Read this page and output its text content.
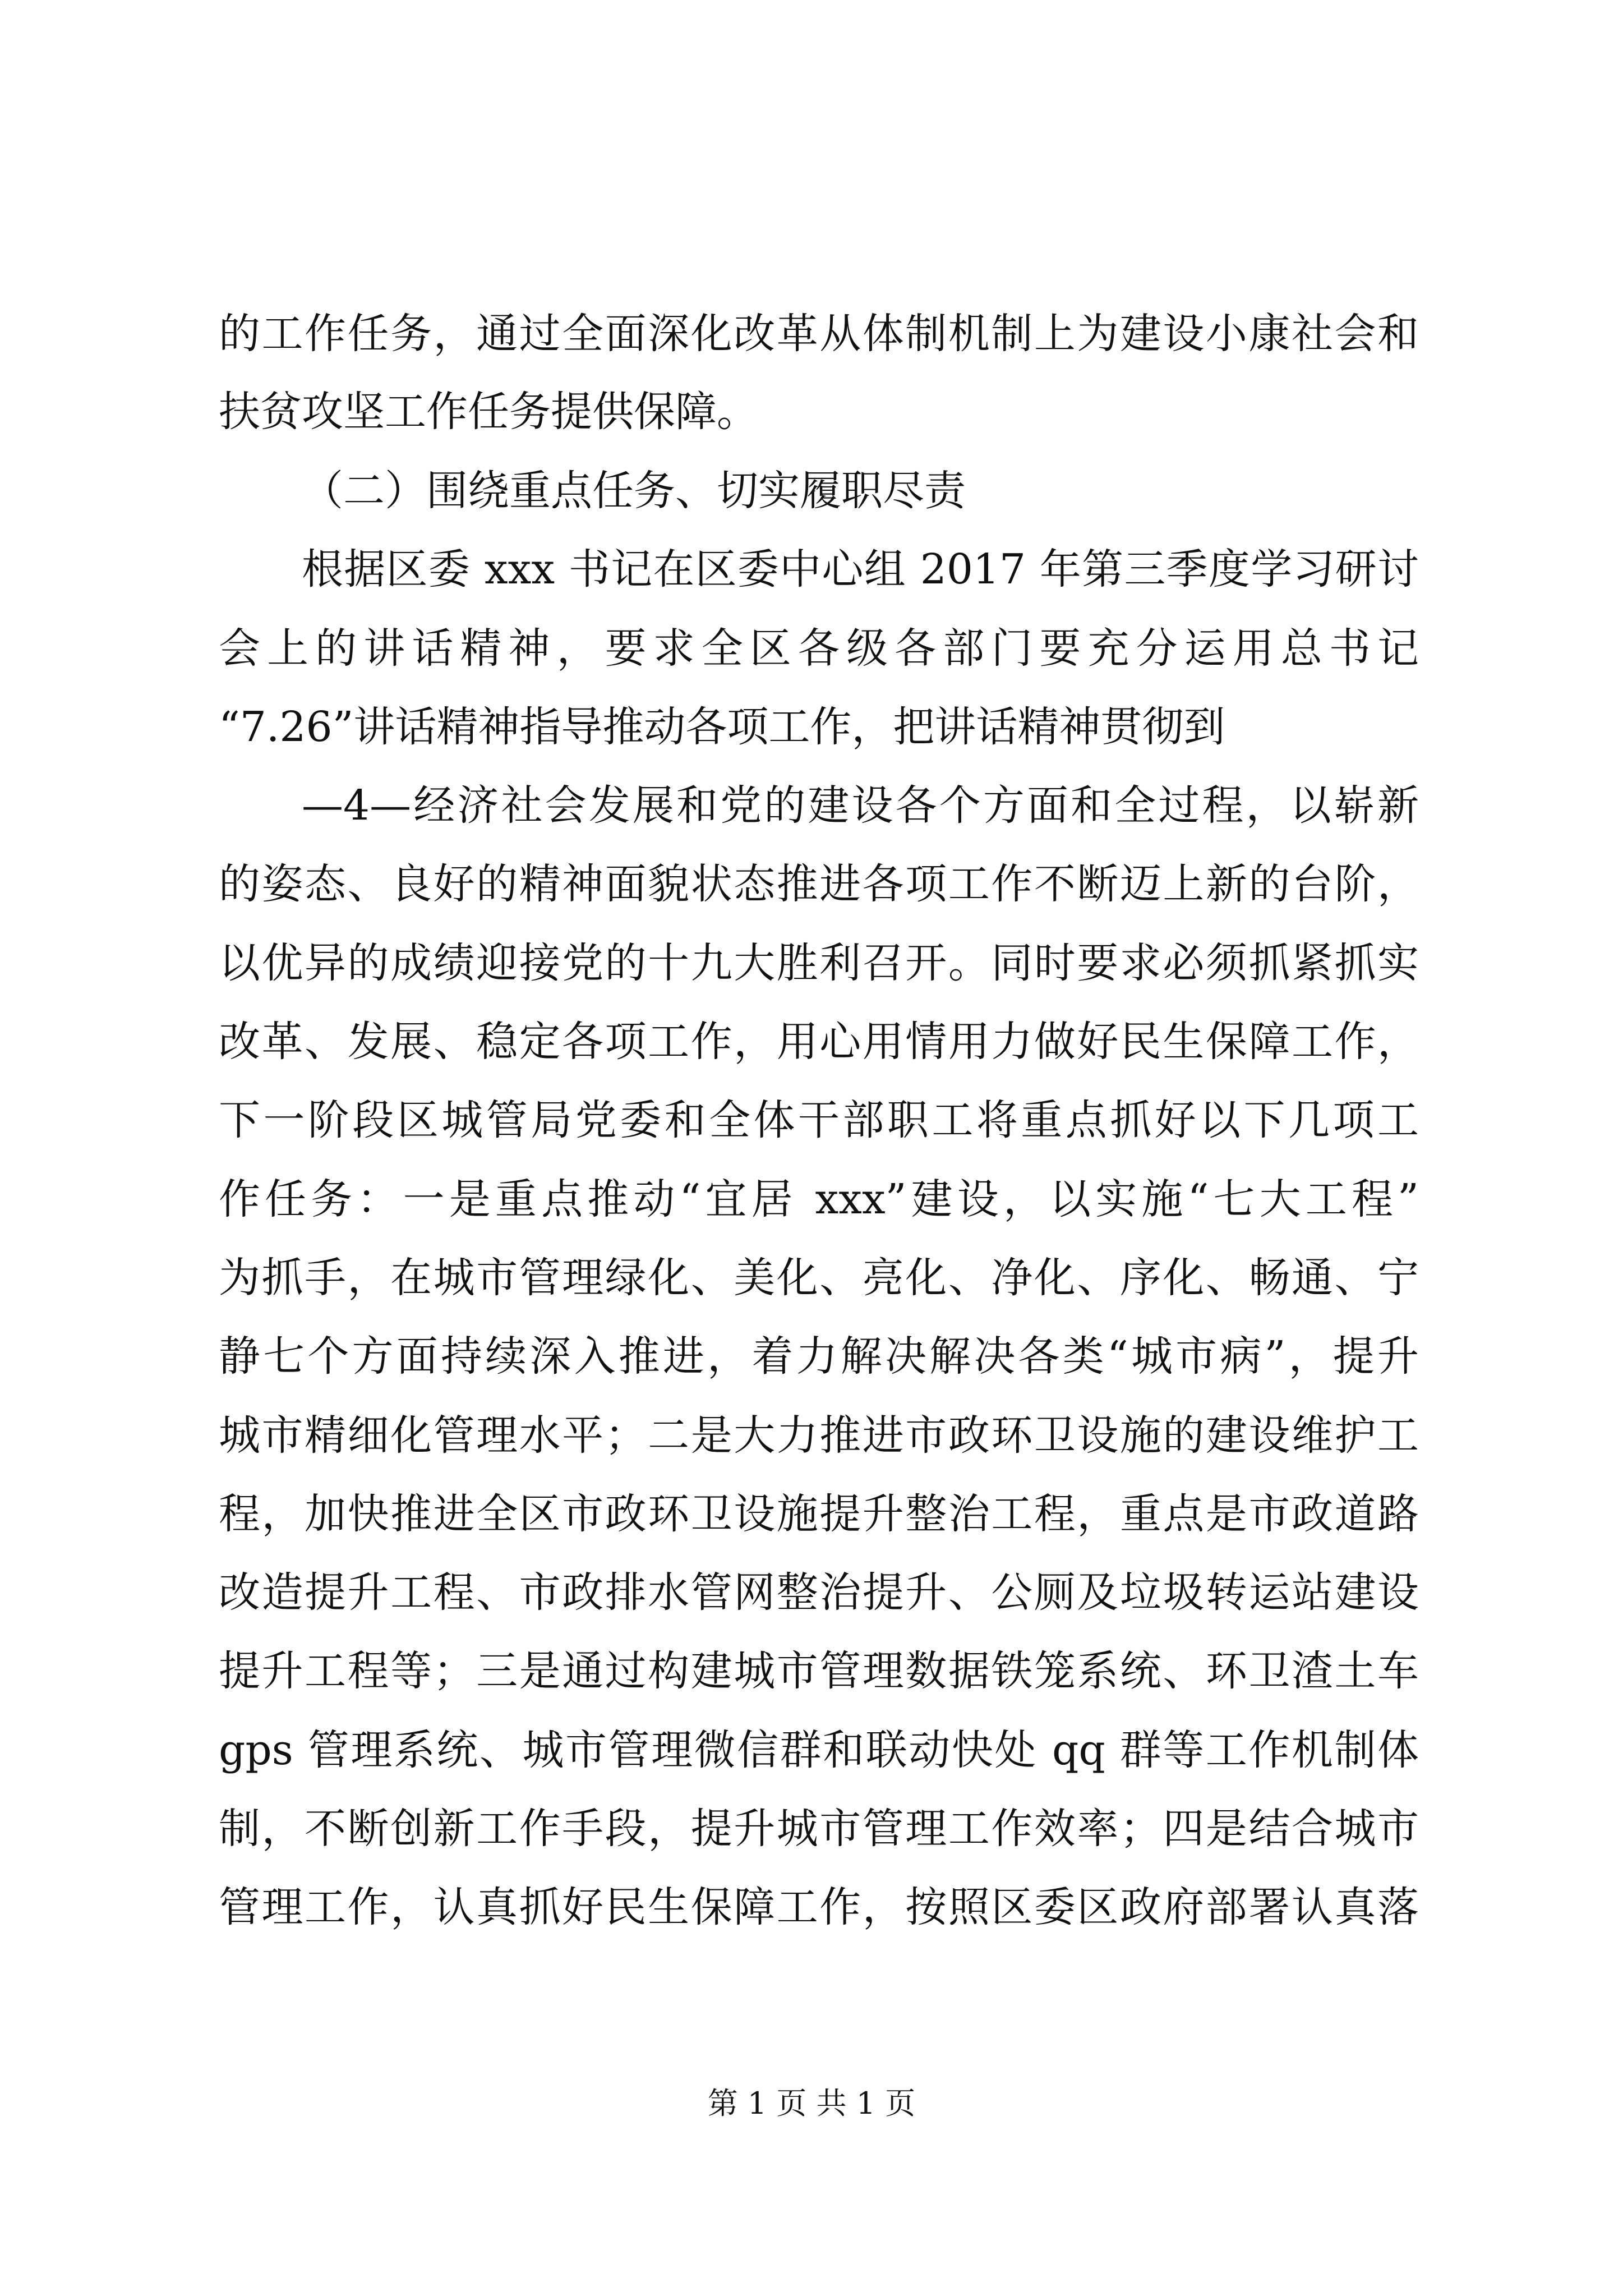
的工作任务，通过全面深化改革从体制机制上为建设小康社会和
扶贫攻坚工作任务提供保障。
（二）围绕重点任务、切实履职尽责
根据区委 xxx 书记在区委中心组 2017 年第三季度学习研讨
会上的讲话精神，要求全区各级各部门要充分运用总书记
“7.26”讲话精神指导推动各项工作，把讲话精神贯彻到
—4—经济社会发展和党的建设各个方面和全过程，以崭新
的姿态、良好的精神面貌状态推进各项工作不断迈上新的台阶，
以优异的成绩迎接党的十九大胜利召开。同时要求必须抓紧抓实
改革、发展、稳定各项工作，用心用情用力做好民生保障工作，
下一阶段区城管局党委和全体干部职工将重点抓好以下几项工
作任务：一是重点推动“宜居 xxx”建设，以实施“七大工程”
为抓手，在城市管理绿化、美化、亮化、净化、序化、畅通、宁
静七个方面持续深入推进，着力解决解决各类“城市病”，提升
城市精细化管理水平；二是大力推进市政环卫设施的建设维护工
程，加快推进全区市政环卫设施提升整治工程，重点是市政道路
改造提升工程、市政排水管网整治提升、公厕及垃圾转运站建设
提升工程等；三是通过构建城市管理数据铁笼系统、环卫渣土车
gps 管理系统、城市管理微信群和联动快处 qq 群等工作机制体
制，不断创新工作手段，提升城市管理工作效率；四是结合城市
管理工作，认真抓好民生保障工作，按照区委区政府部署认真落
第 1 页 共 1 页
